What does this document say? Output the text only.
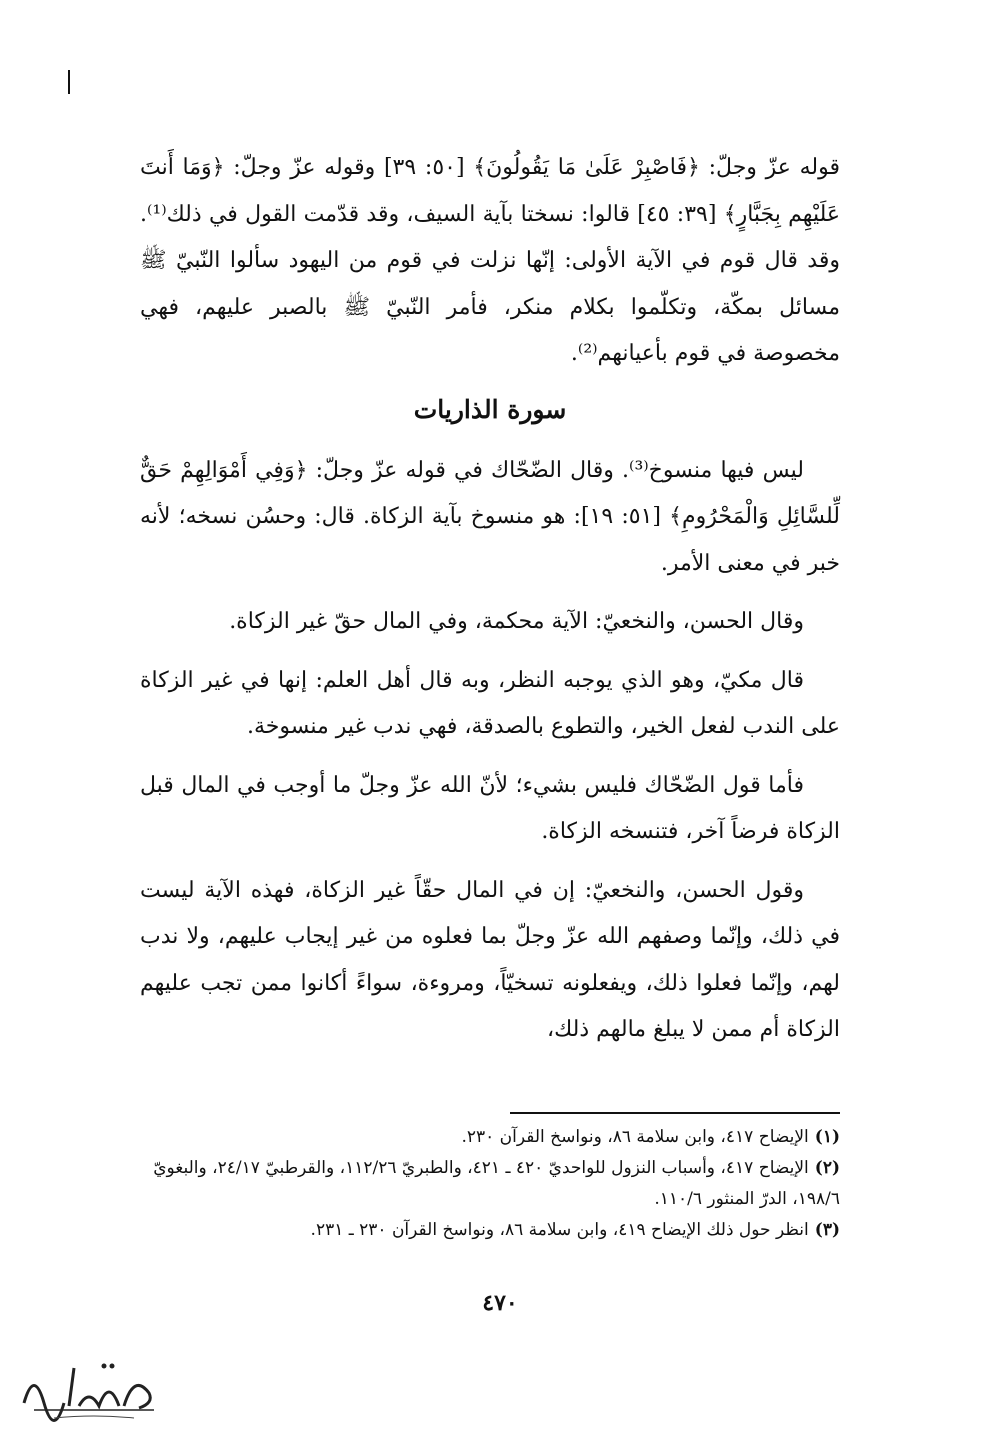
قوله عزّ وجلّ: ﴿فَاصْبِرْ عَلَىٰ مَا يَقُولُونَ﴾ [٥٠: ٣٩] وقوله عزّ وجلّ: ﴿وَمَا أَنتَ عَلَيْهِم بِجَبَّارٍ﴾ [٣٩: ٤٥] قالوا: نسختا بآية السيف، وقد قدّمت القول في ذلك⁽¹⁾. وقد قال قوم في الآية الأولى: إنّها نزلت في قوم من اليهود سألوا النّبيّ ﷺ مسائل بمكّة، وتكلّموا بكلام منكر، فأمر النّبيّ ﷺ بالصبر عليهم، فهي مخصوصة في قوم بأعيانهم⁽²⁾.

سورة الذاريات

ليس فيها منسوخ⁽³⁾. وقال الضّحّاك في قوله عزّ وجلّ: ﴿وَفِي أَمْوَالِهِمْ حَقٌّ لِّلسَّائِلِ وَالْمَحْرُومِ﴾ [٥١: ١٩]: هو منسوخ بآية الزكاة. قال: وحسُن نسخه؛ لأنه خبر في معنى الأمر.

وقال الحسن، والنخعيّ: الآية محكمة، وفي المال حقّ غير الزكاة.

قال مكيّ، وهو الذي يوجبه النظر، وبه قال أهل العلم: إنها في غير الزكاة على الندب لفعل الخير، والتطوع بالصدقة، فهي ندب غير منسوخة.

فأما قول الضّحّاك فليس بشيء؛ لأنّ الله عزّ وجلّ ما أوجب في المال قبل الزكاة فرضاً آخر، فتنسخه الزكاة.

وقول الحسن، والنخعيّ: إن في المال حقّاً غير الزكاة، فهذه الآية ليست في ذلك، وإنّما وصفهم الله عزّ وجلّ بما فعلوه من غير إيجاب عليهم، ولا ندب لهم، وإنّما فعلوا ذلك، ويفعلونه تسخيّاً، ومروءة، سواءً أكانوا ممن تجب عليهم الزكاة أم ممن لا يبلغ مالهم ذلك،

(١)الإيضاح ٤١٧، وابن سلامة ٨٦، ونواسخ القرآن ٢٣٠.

(٢)الإيضاح ٤١٧، وأسباب النزول للواحديّ ٤٢٠ ـ ٤٢١، والطبريّ ١١٢/٢٦، والقرطبيّ ٢٤/١٧، والبغويّ ١٩٨/٦، الدرّ المنثور ١١٠/٦.

(٣)انظر حول ذلك الإيضاح ٤١٩، وابن سلامة ٨٦، ونواسخ القرآن ٢٣٠ ـ ٢٣١.

٤٧٠
